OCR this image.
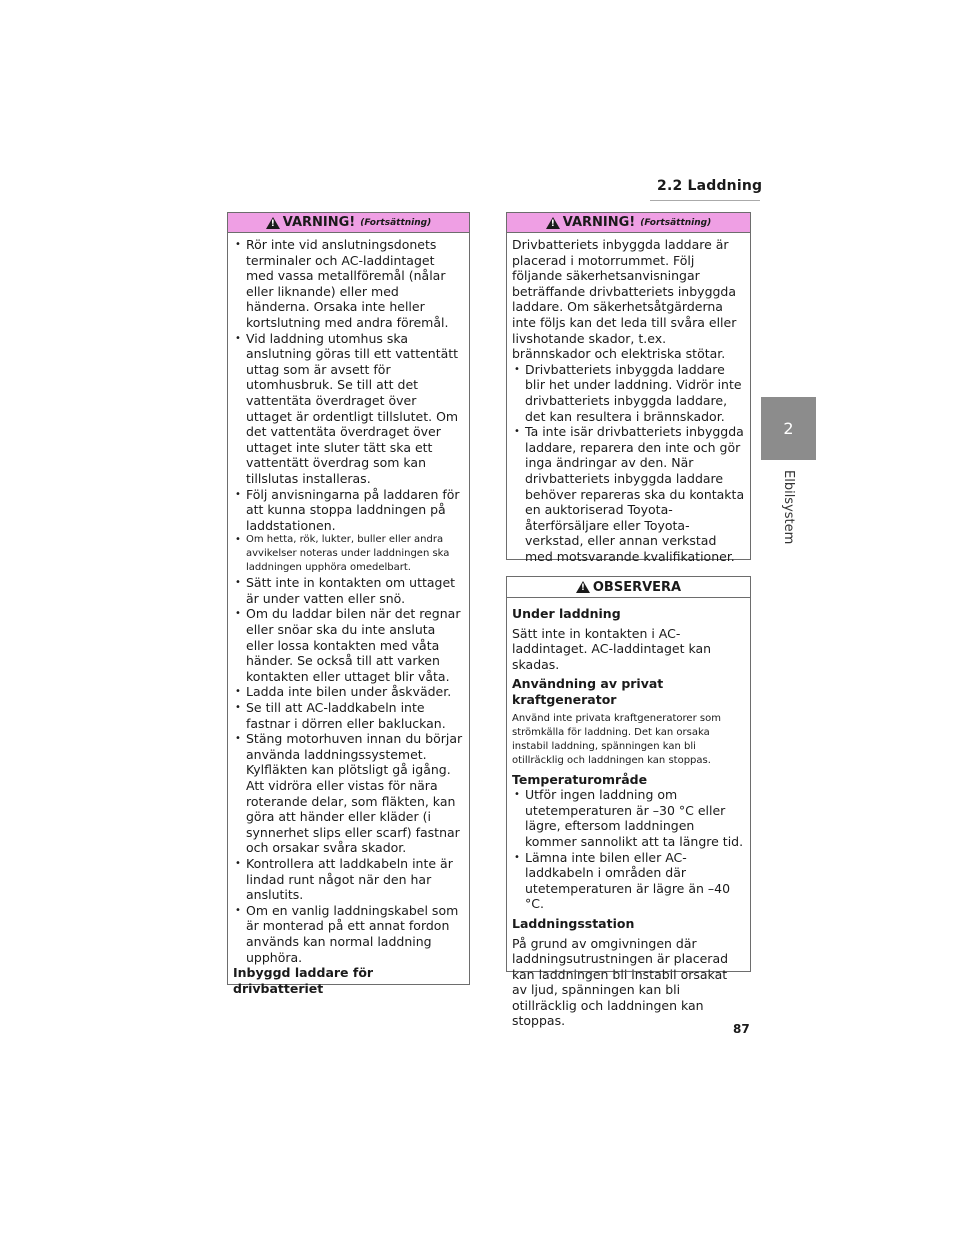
2.2 Laddning
2
Elbilsystem
!
VARNING! (Fortsättning)

• Rör inte vid anslutningsdonets terminaler och AC-laddintaget med vassa metallföremål (nålar eller liknande) eller med händerna. Orsaka inte heller kortslutning med andra föremål.

• Vid laddning utomhus ska anslutning göras till ett vattentätt uttag som är avsett för utomhusbruk. Se till att det vattentäta överdraget över uttaget är ordentligt tillslutet. Om det vattentäta överdraget över uttaget inte sluter tätt ska ett vattentätt överdrag som kan tillslutas installeras.

• Följ anvisningarna på laddaren för att kunna stoppa laddningen på laddstationen.

• Om hetta, rök, lukter, buller eller andra avvikelser noteras under laddningen ska laddningen upphöra omedelbart.

• Sätt inte in kontakten om uttaget är under vatten eller snö.

• Om du laddar bilen när det regnar eller snöar ska du inte ansluta eller lossa kontakten med våta händer. Se också till att varken kontakten eller uttaget blir våta.

• Ladda inte bilen under åskväder.

• Se till att AC-laddkabeln inte fastnar i dörren eller bakluckan.

• Stäng motorhuven innan du börjar använda laddningssystemet. Kylfläkten kan plötsligt gå igång. Att vidröra eller vistas för nära roterande delar, som fläkten, kan göra att händer eller kläder (i synnerhet slips eller scarf) fastnar och orsakar svåra skador.

• Kontrollera att laddkabeln inte är lindad runt något när den har anslutits.

• Om en vanlig laddningskabel som är monterad på ett annat fordon används kan normal laddning upphöra.

Inbyggd laddare för drivbatteriet

!
VARNING! (Fortsättning)

Drivbatteriets inbyggda laddare är placerad i motorrummet. Följ följande säkerhetsanvisningar beträffande drivbatteriets inbyggda laddare. Om säkerhetsåtgärderna inte följs kan det leda till svåra eller livshotande skador, t.ex. brännskador och elektriska stötar.

• Drivbatteriets inbyggda laddare blir het under laddning. Vidrör inte drivbatteriets inbyggda laddare, det kan resultera i brännskador.

• Ta inte isär drivbatteriets inbyggda laddare, reparera den inte och gör inga ändringar av den. När drivbatteriets inbyggda laddare behöver repareras ska du kontakta en auktoriserad Toyota-återförsäljare eller Toyota-verkstad, eller annan verkstad med motsvarande kvalifikationer.

!
OBSERVERA

Under laddning

Sätt inte in kontakten i AC-laddintaget. AC-laddintaget kan skadas.

Användning av privat kraftgenerator

Använd inte privata kraftgeneratorer som strömkälla för laddning. Det kan orsaka instabil laddning, spänningen kan bli otillräcklig och laddningen kan stoppas.

Temperaturområde

• Utför ingen laddning om utetemperaturen är –30 °C eller lägre, eftersom laddningen kommer sannolikt att ta längre tid.

• Lämna inte bilen eller AC-laddkabeln i områden där utetemperaturen är lägre än –40 °C.

Laddningsstation

På grund av omgivningen där laddningsutrustningen är placerad kan laddningen bli instabil orsakat av ljud, spänningen kan bli otillräcklig och laddningen kan stoppas.

87
